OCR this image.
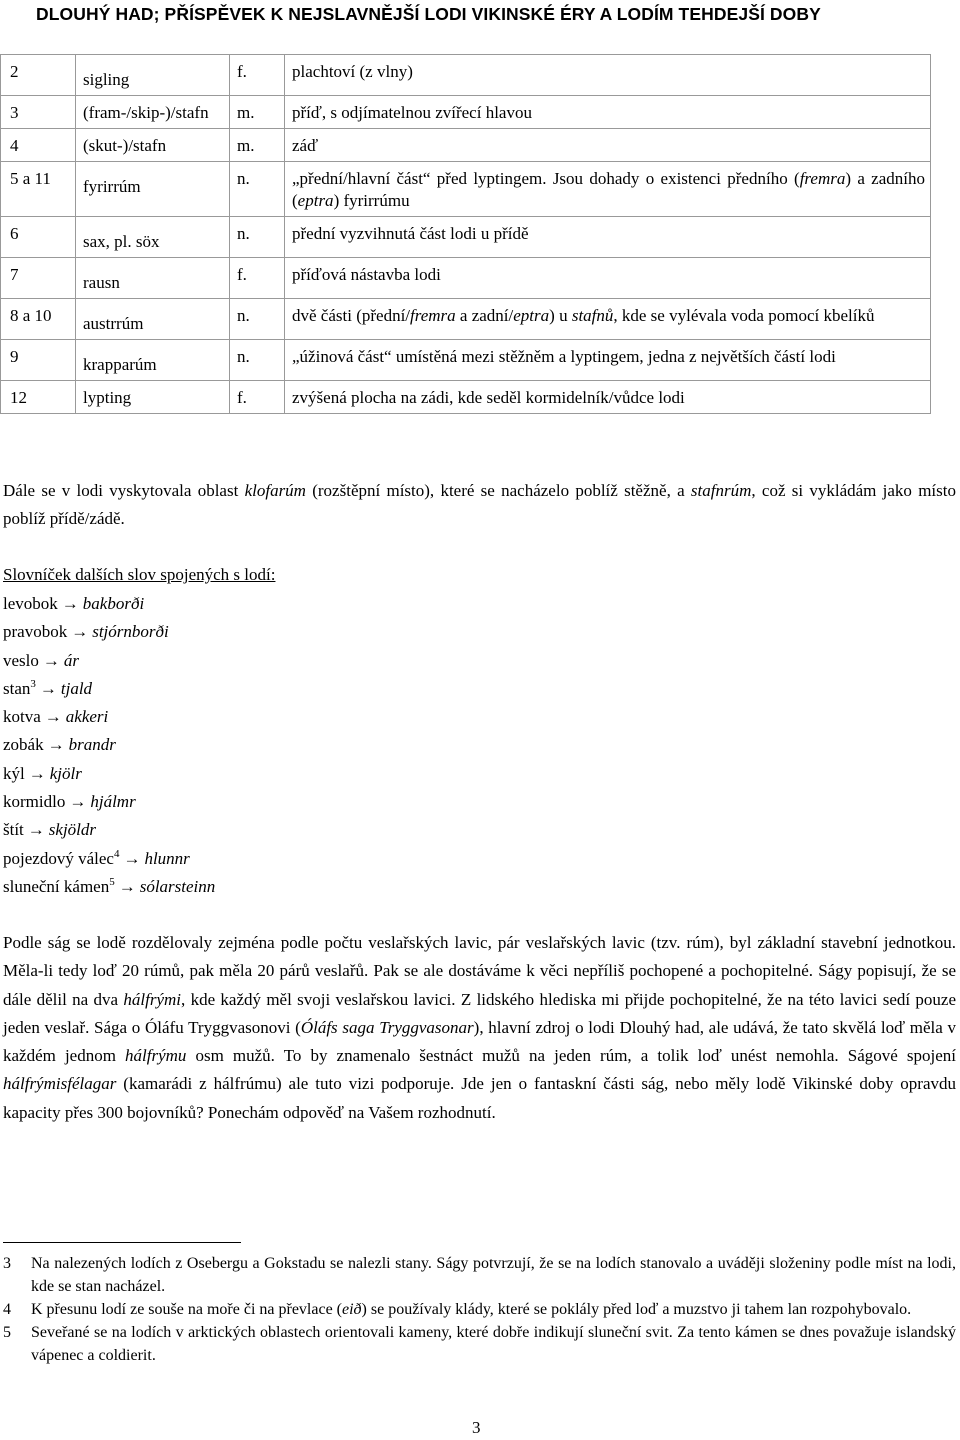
DLOUHÝ HAD; PŘÍSPĚVEK K NEJSLAVNĚJŠÍ LODI VIKINSKÉ ÉRY A LODÍM TEHDEJŠÍ DOBY
2	sigling	f.	plachtoví (z vlny)
3	(fram-/skip-)/stafn	m.	příď, s odjímatelnou zvířecí hlavou
4	(skut-)/stafn	m.	záď
5 a 11	fyrirrúm	n.	„přední/hlavní část“ před lyptingem. Jsou dohady o existenci předního (fremra) a zadního (eptra) fyrirrúmu
6	sax, pl. söx	n.	přední vyzvihnutá část lodi u přídě
7	rausn	f.	příďová nástavba lodi
8 a 10	austrrúm	n.	dvě části (přední/fremra a zadní/eptra) u stafnů, kde se vylévala voda pomocí kbelíků
9	krapparúm	n.	„úžinová část“ umístěná mezi stěžněm a lyptingem, jedna z největších částí lodi
12	lypting	f.	zvýšená plocha na zádi, kde seděl kormidelník/vůdce lodi

Dále se v lodi vyskytovala oblast klofarúm (rozštěpní místo), které se nacházelo poblíž stěžně, a stafnrúm, což si vykládám jako místo poblíž přídě/zádě.

Slovníček dalších slov spojených s lodí:
levobok → bakborði
pravobok → stjórnborði
veslo → ár
stan$^3$ → tjald
kotva → akkeri
zobák → brandr
kýl → kjölr
kormidlo → hjálmr
štít → skjöldr
pojezdový válec$^4$ → hlunnr
sluneční kámen$^5$ → sólarsteinn

Podle ság se lodě rozdělovaly zejména podle počtu veslařských lavic, pár veslařských lavic (tzv. rúm), byl základní stavební jednotkou. Měla-li tedy loď 20 rúmů, pak měla 20 párů veslařů. Pak se ale dostáváme k věci nepříliš pochopené a pochopitelné. Ságy popisují, že se dále dělil na dva hálfrými, kde každý měl svoji veslařskou lavici. Z lidského hlediska mi přijde pochopitelné, že na této lavici sedí pouze jeden veslař. Sága o Óláfu Tryggvasonovi (Óláfs saga Tryggvasonar), hlavní zdroj o lodi Dlouhý had, ale udává, že tato skvělá loď měla v každém jednom hálfrýmu osm mužů. To by znamenalo šestnáct mužů na jeden rúm, a tolik loď unést nemohla. Ságové spojení hálfrýmisfélagar (kamarádi z hálfrúmu) ale tuto vizi podporuje. Jde jen o fantaskní části ság, nebo měly lodě Vikinské doby opravdu kapacity přes 300 bojovníků? Ponechám odpověď na Vašem rozhodnutí.

3	Na nalezených lodích z Osebergu a Gokstadu se nalezli stany. Ságy potvrzují, že se na lodích stanovalo a uváději složeniny podle míst na lodi, kde se stan nacházel.
4	K přesunu lodí ze souše na moře či na převlace (eið) se používaly klády, které se poklály před loď a muzstvo ji tahem lan rozpohybovalo.
5	Seveřané se na lodích v arktických oblastech orientovali kameny, které dobře indikují sluneční svit. Za tento kámen se dnes považuje islandský vápenec a coldierit.
3
